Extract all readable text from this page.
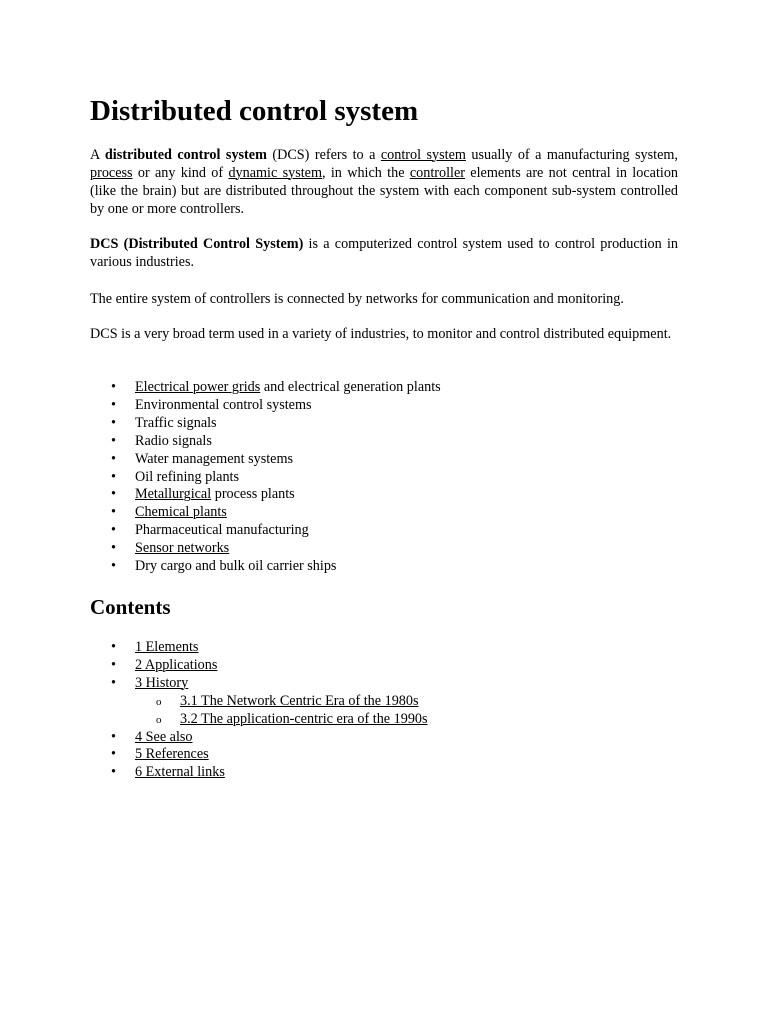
Distributed control system

A distributed control system (DCS) refers to a control system usually of a manufacturing system, process or any kind of dynamic system, in which the controller elements are not central in location (like the brain) but are distributed throughout the system with each component sub-system controlled by one or more controllers.

DCS (Distributed Control System) is a computerized control system used to control production in various industries.

The entire system of controllers is connected by networks for communication and monitoring.

DCS is a very broad term used in a variety of industries, to monitor and control distributed equipment.

• Electrical power grids and electrical generation plants
• Environmental control systems
• Traffic signals
• Radio signals
• Water management systems
• Oil refining plants
• Metallurgical process plants
• Chemical plants
• Pharmaceutical manufacturing
• Sensor networks
• Dry cargo and bulk oil carrier ships
Contents
• 1 Elements
• 2 Applications
• 3 History
o 3.1 The Network Centric Era of the 1980s
o 3.2 The application-centric era of the 1990s
• 4 See also
• 5 References
• 6 External links
